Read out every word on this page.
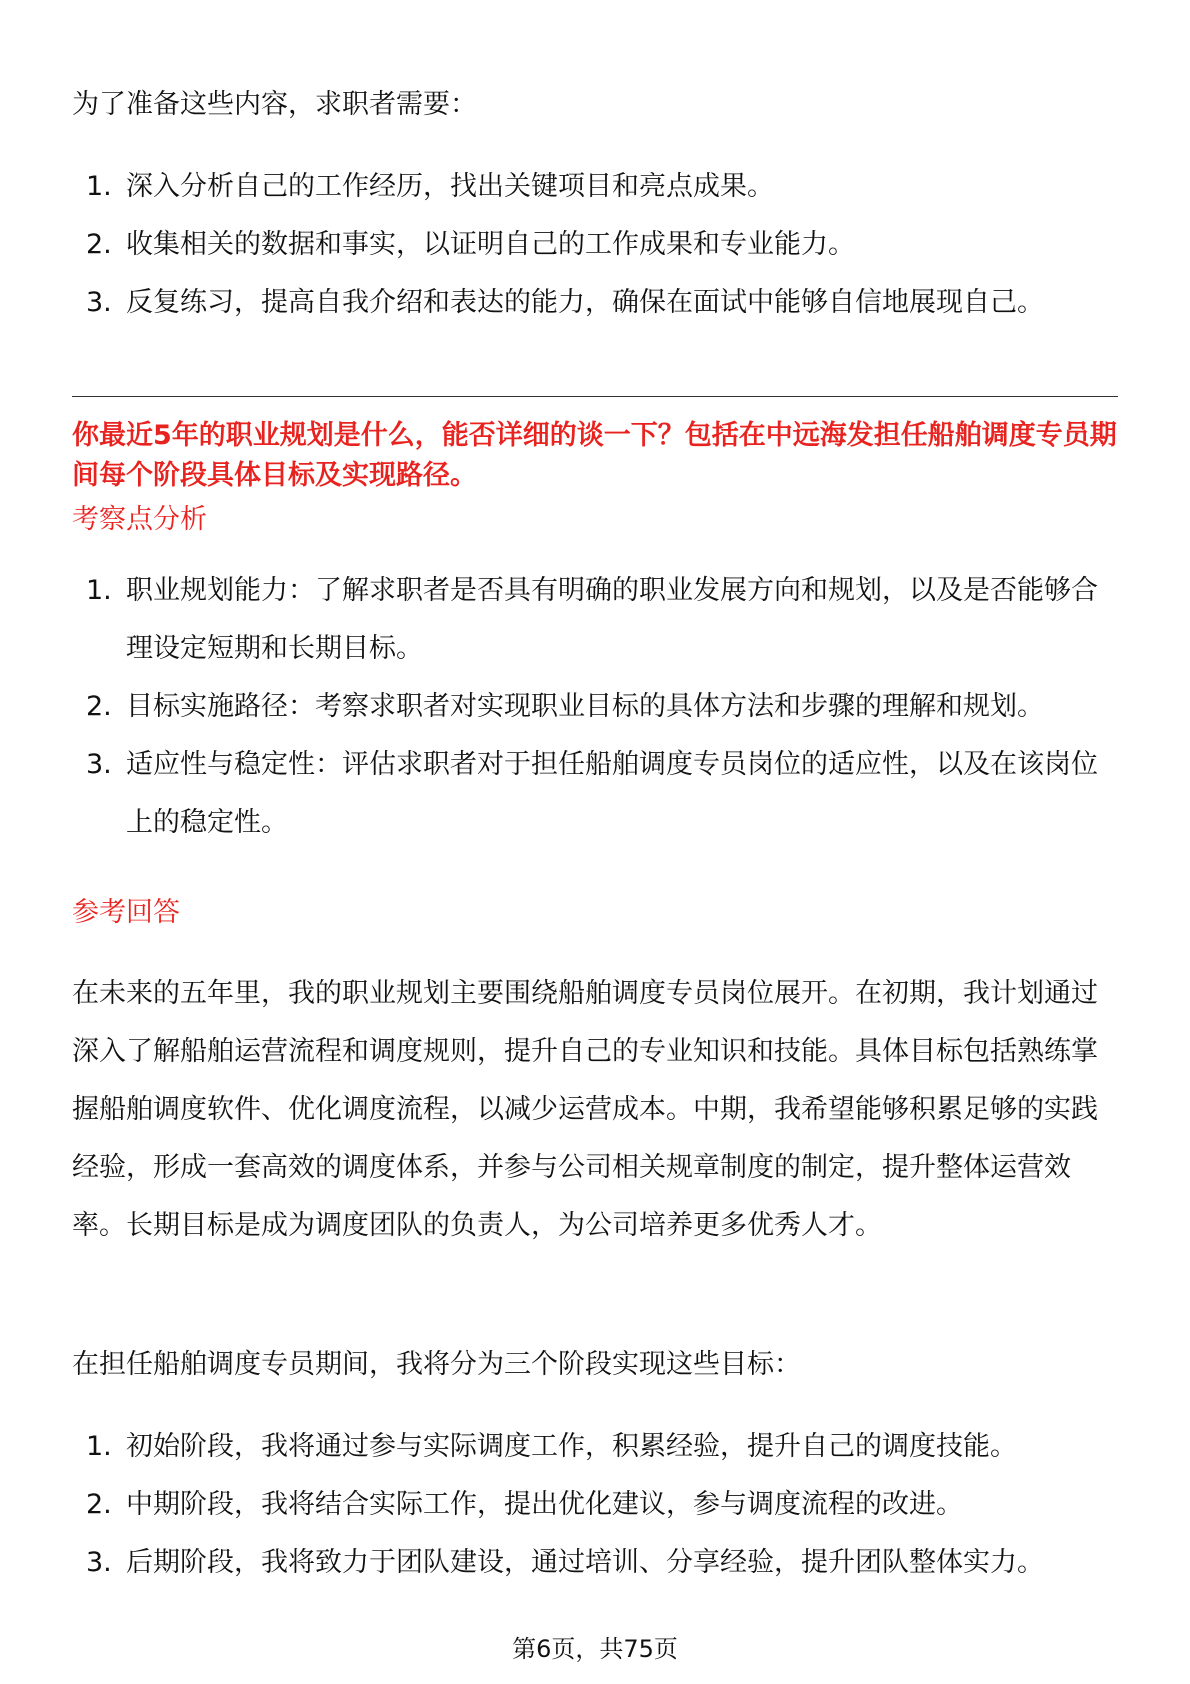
为了准备这些内容，求职者需要：

1. 深入分析自己的工作经历，找出关键项目和亮点成果。
2. 收集相关的数据和事实，以证明自己的工作成果和专业能力。
3. 反复练习，提高自我介绍和表达的能力，确保在面试中能够自信地展现自己。

你最近5年的职业规划是什么，能否详细的谈一下？包括在中远海发担任船舶调度专员期间每个阶段具体目标及实现路径。

考察点分析
1. 职业规划能力：了解求职者是否具有明确的职业发展方向和规划，以及是否能够合理设定短期和长期目标。
2. 目标实施路径：考察求职者对实现职业目标的具体方法和步骤的理解和规划。
3. 适应性与稳定性：评估求职者对于担任船舶调度专员岗位的适应性，以及在该岗位上的稳定性。
参考回答

在未来的五年里，我的职业规划主要围绕船舶调度专员岗位展开。在初期，我计划通过深入了解船舶运营流程和调度规则，提升自己的专业知识和技能。具体目标包括熟练掌握船舶调度软件、优化调度流程，以减少运营成本。中期，我希望能够积累足够的实践经验，形成一套高效的调度体系，并参与公司相关规章制度的制定，提升整体运营效率。长期目标是成为调度团队的负责人，为公司培养更多优秀人才。

在担任船舶调度专员期间，我将分为三个阶段实现这些目标：

1. 初始阶段，我将通过参与实际调度工作，积累经验，提升自己的调度技能。
2. 中期阶段，我将结合实际工作，提出优化建议，参与调度流程的改进。
3. 后期阶段，我将致力于团队建设，通过培训、分享经验，提升团队整体实力。
第6页，共75页
